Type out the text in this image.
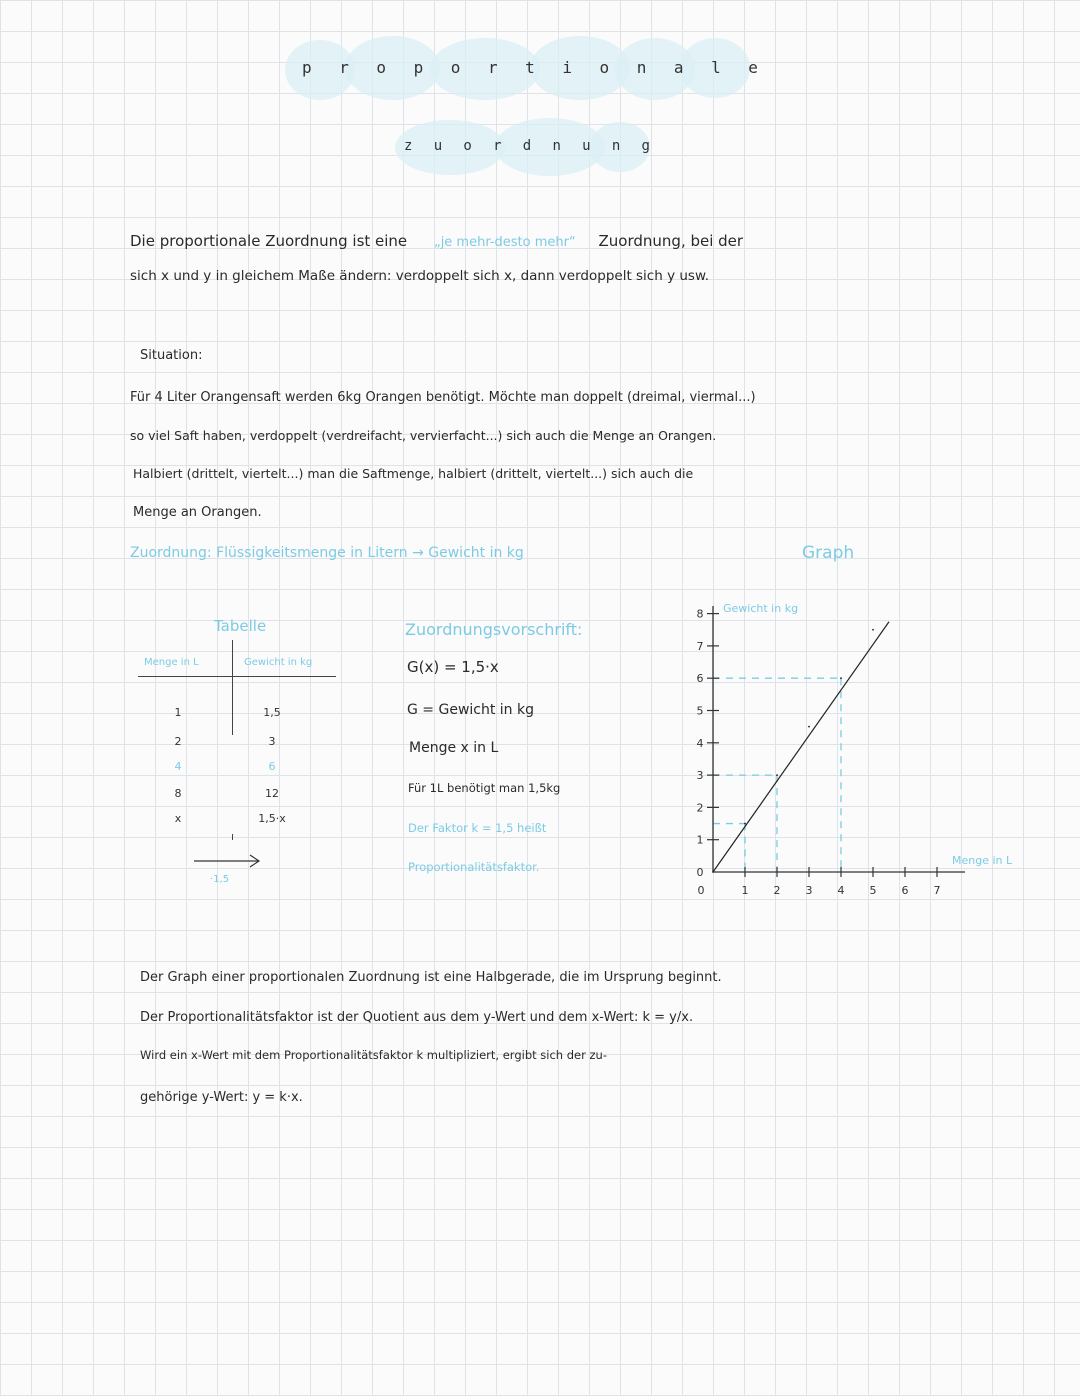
p r o p o r t i o n a l e
z u o r d n u n g
Die proportionale Zuordnung ist eine „je mehr-desto mehr“ Zuordnung, bei der
sich x und y in gleichem Maße ändern: verdoppelt sich x, dann verdoppelt sich y usw.
Situation:
Für 4 Liter Orangensaft werden 6kg Orangen benötigt. Möchte man doppelt (dreimal, viermal...)
so viel Saft haben, verdoppelt (verdreifacht, vervierfacht...) sich auch die Menge an Orangen.
Halbiert (drittelt, viertelt...) man die Saftmenge, halbiert (drittelt, viertelt...) sich auch die
Menge an Orangen.
Zuordnung: Flüssigkeitsmenge in Litern → Gewicht in kg	Graph
Tabelle
Menge in L	Gewicht in kg
1	1,5
2	3
4	6
8	12
x	1,5·x
·1,5
Zuordnungsvorschrift:
G(x) = 1,5·x
G = Gewicht in kg
Menge x in L
Für 1L benötigt man 1,5kg
Der Faktor k = 1,5 heißt
Proportionalitätsfaktor.
0	1 2 3 4 5 6 7
1
2
3
4
5
6
7
8
0
Gewicht in kg
Menge in L
Der Graph einer proportionalen Zuordnung ist eine Halbgerade, die im Ursprung beginnt.
Der Proportionalitätsfaktor ist der Quotient aus dem y-Wert und dem x-Wert: k = y/x.
Wird ein x-Wert mit dem Proportionalitätsfaktor k multipliziert, ergibt sich der zu-
gehörige y-Wert: y = k·x.
